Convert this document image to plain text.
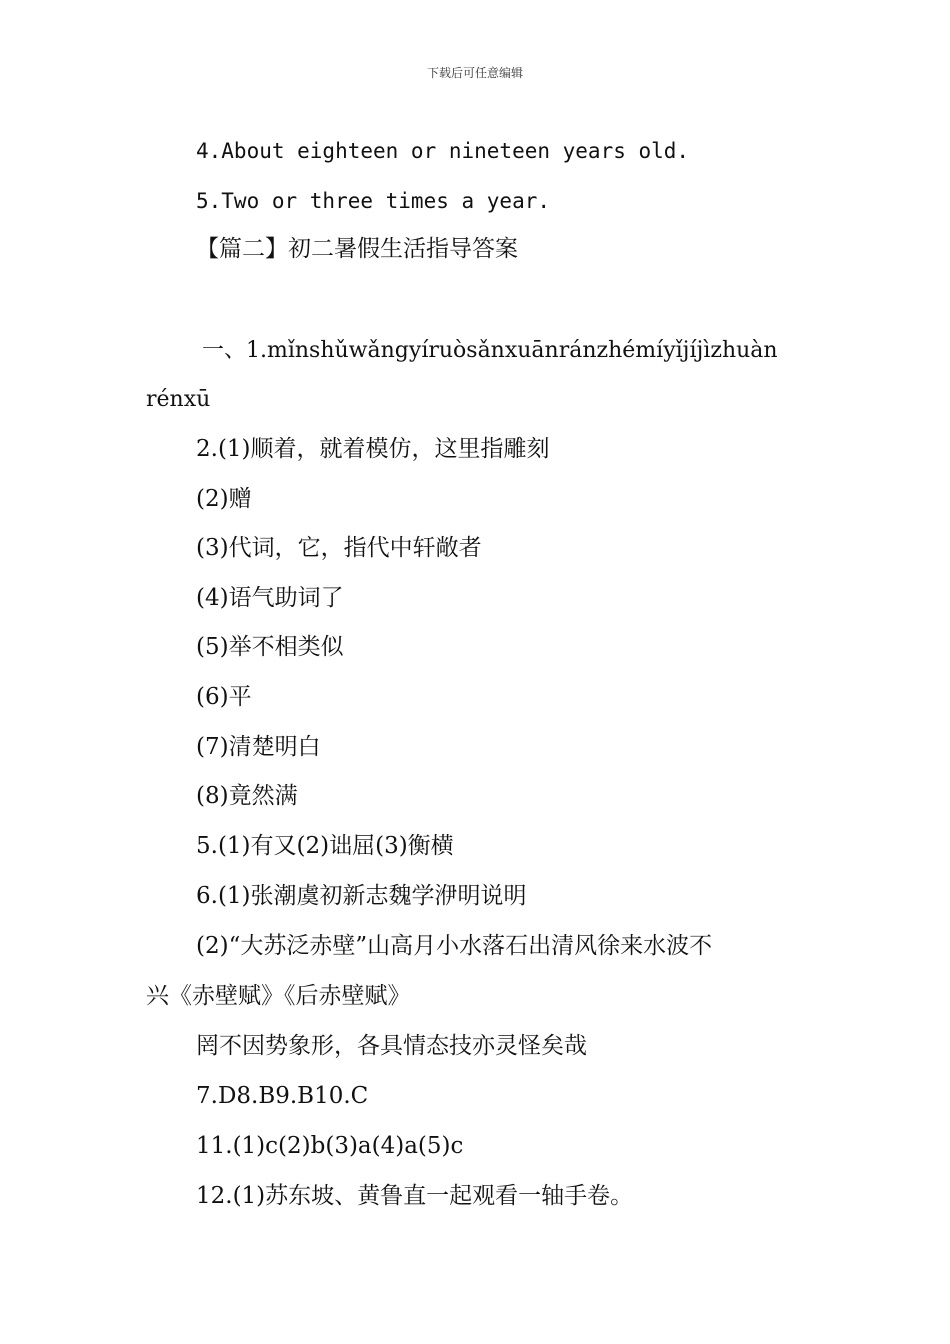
下载后可任意编辑
4.About eighteen or nineteen years old.
5.Two or three times a year.
【篇二】初二暑假生活指导答案
一、1.mǐnshǔwǎngyíruòsǎnxuānránzhémíyǐjíjìzhuàn
rénxū
2.(1)顺着，就着模仿，这里指雕刻
(2)赠
(3)代词，它，指代中轩敞者
(4)语气助词了
(5)举不相类似
(6)平
(7)清楚明白
(8)竟然满
5.(1)有又(2)诎屈(3)衡横
6.(1)张潮虞初新志魏学洢明说明
(2)“大苏泛赤壁”山高月小水落石出清风徐来水波不
兴《赤壁赋》《后赤壁赋》
罔不因势象形，各具情态技亦灵怪矣哉
7.D8.B9.B10.C
11.(1)c(2)b(3)a(4)a(5)c
12.(1)苏东坡、黄鲁直一起观看一轴手卷。
